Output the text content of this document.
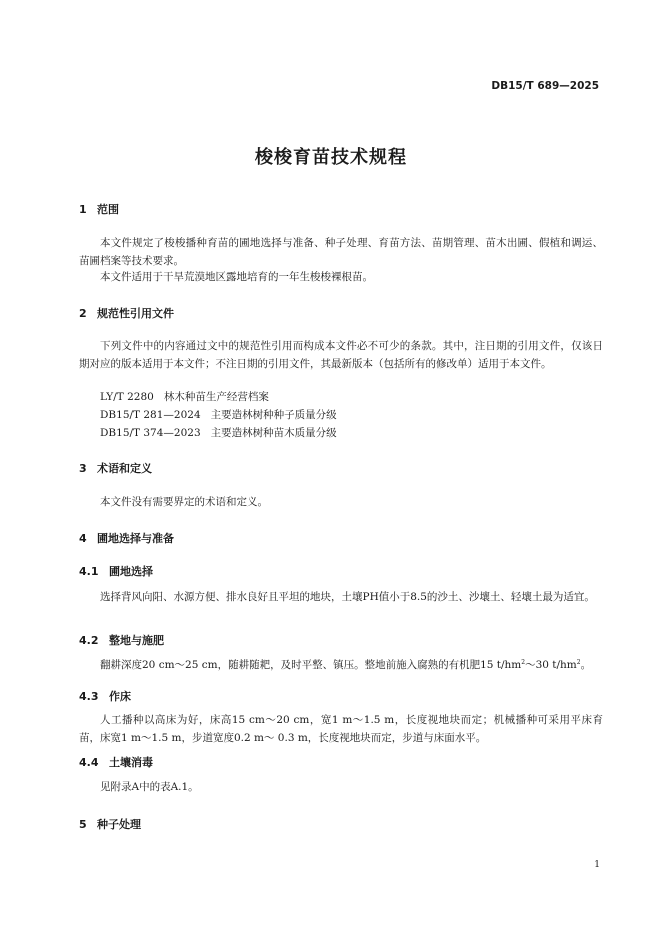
DB15/T 689—2025
梭梭育苗技术规程
1 范围
本文件规定了梭梭播种育苗的圃地选择与准备、种子处理、育苗方法、苗期管理、苗木出圃、假植和调运、苗圃档案等技术要求。
本文件适用于干旱荒漠地区露地培育的一年生梭梭裸根苗。
2 规范性引用文件
下列文件中的内容通过文中的规范性引用而构成本文件必不可少的条款。其中，注日期的引用文件，仅该日期对应的版本适用于本文件；不注日期的引用文件，其最新版本（包括所有的修改单）适用于本文件。
LY/T 2280 林木种苗生产经营档案
DB15/T 281—2024 主要造林树种种子质量分级
DB15/T 374—2023 主要造林树种苗木质量分级
3 术语和定义
本文件没有需要界定的术语和定义。
4 圃地选择与准备
4.1 圃地选择
选择背风向阳、水源方便、排水良好且平坦的地块，土壤PH值小于8.5的沙土、沙壤土、轻壤土最为适宜。
4.2 整地与施肥
翻耕深度20 cm～25 cm，随耕随耙，及时平整、镇压。整地前施入腐熟的有机肥15 $t/hm^2\sim 30$ $t/hm^2$。
4.3 作床
人工播种以高床为好，床高15 cm～20 cm，宽1 m～1.5 m，长度视地块而定；机械播种可采用平床育苗，床宽1 m～1.5 m，步道宽度0.2 m～ 0.3 m，长度视地块而定，步道与床面水平。
4.4 土壤消毒
见附录A中的表A.1。
5 种子处理
1
